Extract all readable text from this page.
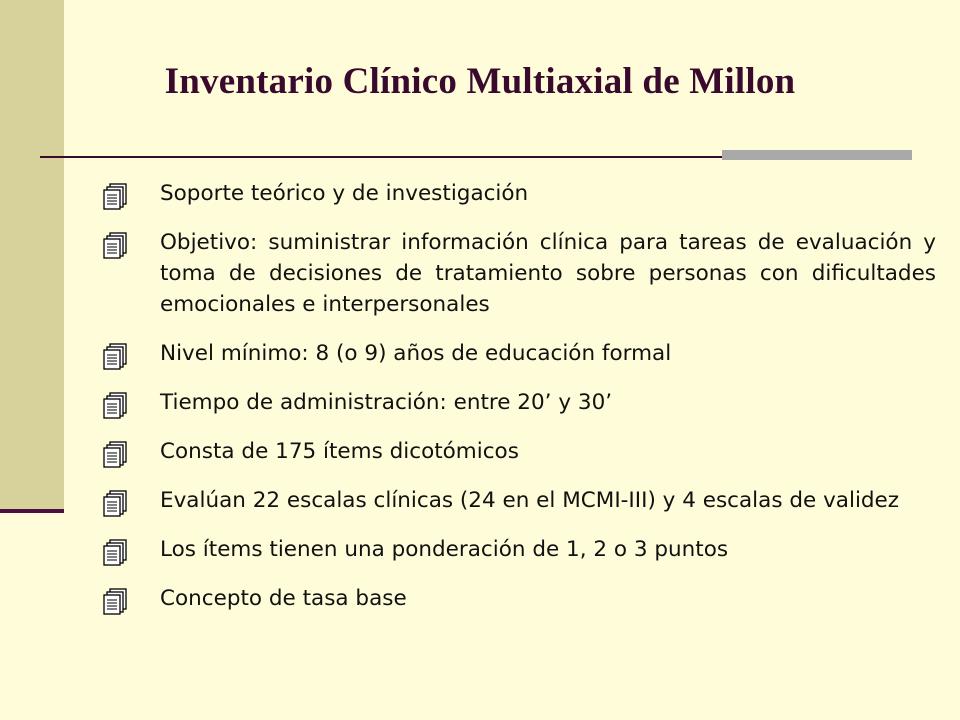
Inventario Clínico Multiaxial de Millon
Soporte teórico y de investigación
Objetivo: suministrar información clínica para tareas de evaluación y toma de decisiones de tratamiento sobre personas con dificultades emocionales e interpersonales
Nivel mínimo: 8 (o 9) años de educación formal
Tiempo de administración: entre 20’ y 30’
Consta de 175 ítems dicotómicos
Evalúan 22 escalas clínicas (24 en el MCMI-III) y 4 escalas de validez
Los ítems tienen una ponderación de 1, 2 o 3 puntos
Concepto de tasa base
